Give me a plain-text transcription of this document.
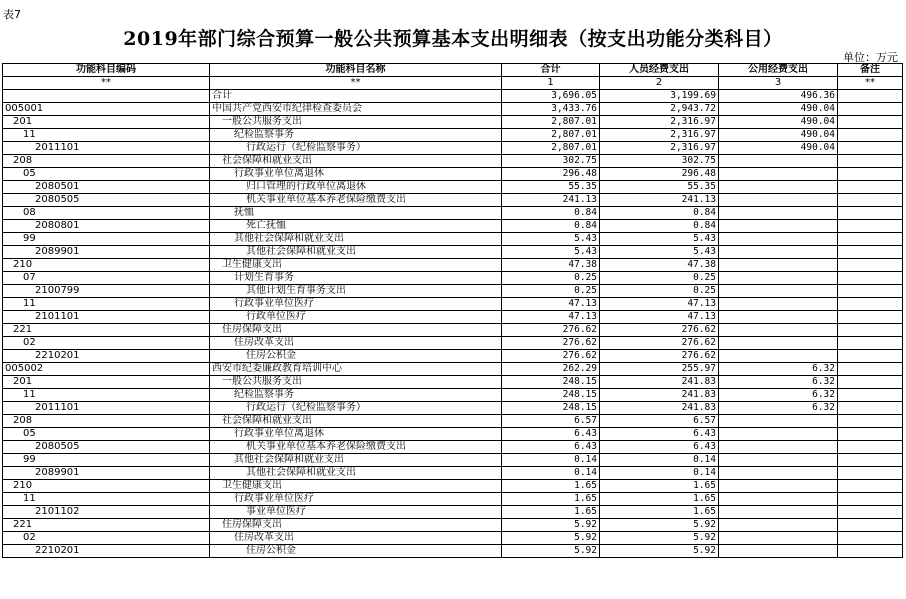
表7
2019年部门综合预算一般公共预算基本支出明细表（按支出功能分类科目）
单位：万元
功能科目编码	功能科目名称	合计	人员经费支出	公用经费支出	备注
**	**	1	2	3	**
	合计	3,696.05	3,199.69	496.36	
005001	中国共产党西安市纪律检查委员会	3,433.76	2,943.72	490.04	
201	一般公共服务支出	2,807.01	2,316.97	490.04	
11	纪检监察事务	2,807.01	2,316.97	490.04	
2011101	行政运行（纪检监察事务）	2,807.01	2,316.97	490.04	
208	社会保障和就业支出	302.75	302.75		
05	行政事业单位离退休	296.48	296.48		
2080501	归口管理的行政单位离退休	55.35	55.35		
2080505	机关事业单位基本养老保险缴费支出	241.13	241.13		
08	抚恤	0.84	0.84		
2080801	死亡抚恤	0.84	0.84		
99	其他社会保障和就业支出	5.43	5.43		
2089901	其他社会保障和就业支出	5.43	5.43		
210	卫生健康支出	47.38	47.38		
07	计划生育事务	0.25	0.25		
2100799	其他计划生育事务支出	0.25	0.25		
11	行政事业单位医疗	47.13	47.13		
2101101	行政单位医疗	47.13	47.13		
221	住房保障支出	276.62	276.62		
02	住房改革支出	276.62	276.62		
2210201	住房公积金	276.62	276.62		
005002	西安市纪委廉政教育培训中心	262.29	255.97	6.32	
201	一般公共服务支出	248.15	241.83	6.32	
11	纪检监察事务	248.15	241.83	6.32	
2011101	行政运行（纪检监察事务）	248.15	241.83	6.32	
208	社会保障和就业支出	6.57	6.57		
05	行政事业单位离退休	6.43	6.43		
2080505	机关事业单位基本养老保险缴费支出	6.43	6.43		
99	其他社会保障和就业支出	0.14	0.14		
2089901	其他社会保障和就业支出	0.14	0.14		
210	卫生健康支出	1.65	1.65		
11	行政事业单位医疗	1.65	1.65		
2101102	事业单位医疗	1.65	1.65		
221	住房保障支出	5.92	5.92		
02	住房改革支出	5.92	5.92		
2210201	住房公积金	5.92	5.92		
